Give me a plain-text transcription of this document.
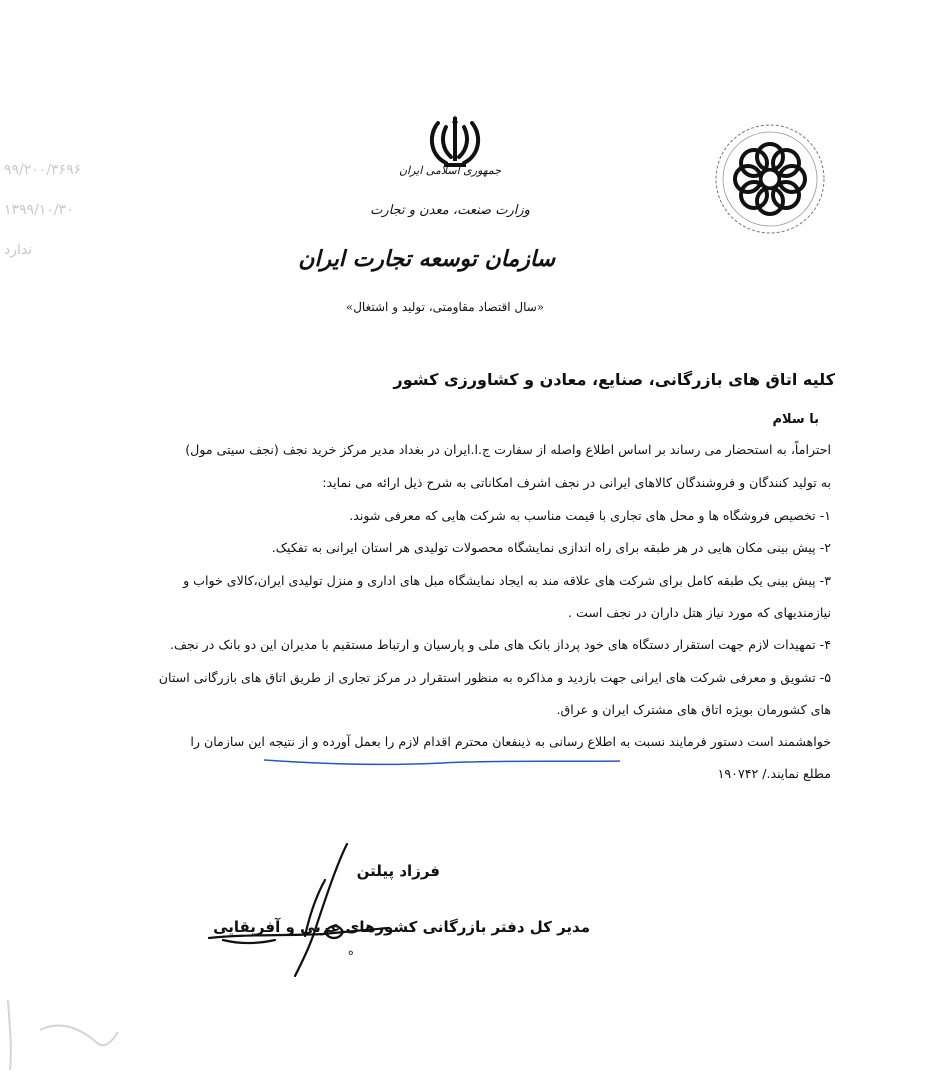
۹۹/۲۰۰/۳۶۹۶
۱۳۹۹/۱۰/۳۰
ندارد
جمهوری اسلامی ایران
وزارت صنعت، معدن و تجارت
سازمان توسعه تجارت ایران
«سال اقتصاد مقاومتی، تولید و اشتغال»
کلیه اتاق های بازرگانی، صنایع، معادن و کشاورزی کشور
با سلام
احتراماً، به استحضار می رساند بر اساس اطلاع واصله از سفارت ج.ا.ایران در بغداد مدیر مرکز خرید نجف (نجف سیتی مول)
به تولید کنندگان و فروشندگان کالاهای ایرانی در نجف اشرف امکاناتی به شرح ذیل ارائه می نماید:
۱- تخصیص فروشگاه ها و محل های تجاری با قیمت مناسب به شرکت هایی که معرفی شوند.
۲- پیش بینی مکان هایی در هر طبقه برای راه اندازی نمایشگاه محصولات تولیدی هر استان ایرانی به تفکیک.
۳- پیش بینی یک طبقه کامل برای شرکت های علاقه مند به ایجاد نمایشگاه مبل های اداری و منزل تولیدی ایران،کالای خواب و
نیازمندیهای که مورد نیاز هتل داران در نجف است .
۴- تمهیدات لازم جهت استقرار دستگاه های خود پرداز بانک های ملی و پارسیان و ارتباط مستقیم با مدیران این دو بانک در نجف.
۵- تشویق و معرفی شرکت های ایرانی جهت بازدید و مذاکره به منظور استقرار در مرکز تجاری از طریق اتاق های بازرگانی استان
های کشورمان بویژه اتاق های مشترک ایران و عراق.
خواهشمند است دستور فرمایند نسبت به اطلاع رسانی به ذینفعان محترم اقدام لازم را بعمل آورده و از نتیجه این سازمان را
مطلع نمایند./ ۱۹۰۷۴۲
فرزاد پیلتن
مدیر کل دفتر بازرگانی کشورهای عربی و آفریقایی
ﻩ
